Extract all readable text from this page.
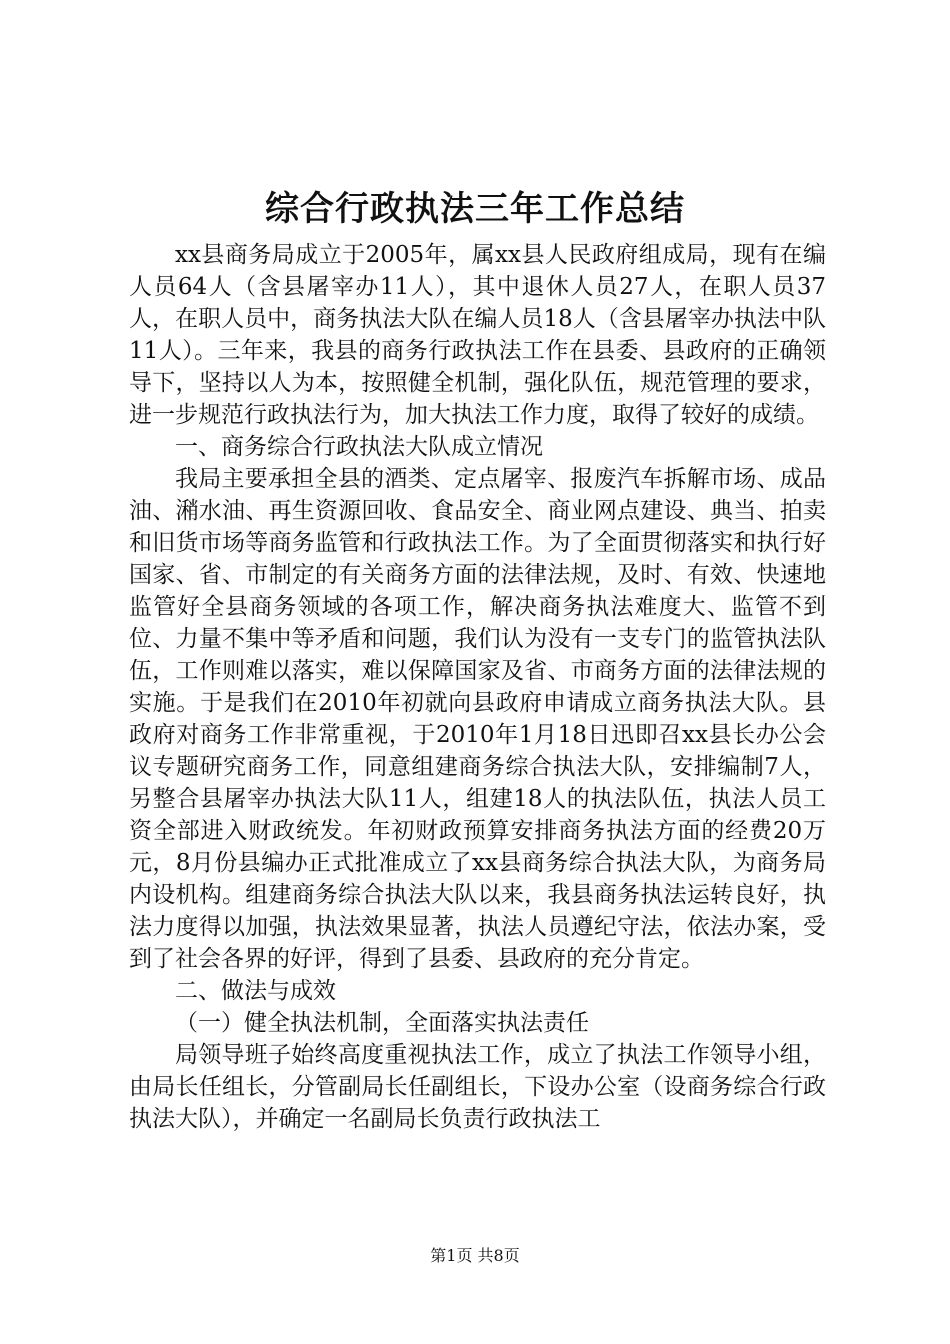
综合行政执法三年工作总结

xx县商务局成立于2005年，属xx县人民政府组成局，现有在编人员64人（含县屠宰办11人），其中退休人员27人，在职人员37人，在职人员中，商务执法大队在编人员18人（含县屠宰办执法中队11人）。三年来，我县的商务行政执法工作在县委、县政府的正确领导下，坚持以人为本，按照健全机制，强化队伍，规范管理的要求，进一步规范行政执法行为，加大执法工作力度，取得了较好的成绩。

一、商务综合行政执法大队成立情况

我局主要承担全县的酒类、定点屠宰、报废汽车拆解市场、成品油、潲水油、再生资源回收、食品安全、商业网点建设、典当、拍卖和旧货市场等商务监管和行政执法工作。为了全面贯彻落实和执行好国家、省、市制定的有关商务方面的法律法规，及时、有效、快速地监管好全县商务领域的各项工作，解决商务执法难度大、监管不到位、力量不集中等矛盾和问题，我们认为没有一支专门的监管执法队伍，工作则难以落实，难以保障国家及省、市商务方面的法律法规的实施。于是我们在2010年初就向县政府申请成立商务执法大队。县政府对商务工作非常重视，于2010年1月18日迅即召xx县长办公会议专题研究商务工作，同意组建商务综合执法大队，安排编制7人，另整合县屠宰办执法大队11人，组建18人的执法队伍，执法人员工资全部进入财政统发。年初财政预算安排商务执法方面的经费20万元，8月份县编办正式批准成立了xx县商务综合执法大队，为商务局内设机构。组建商务综合执法大队以来，我县商务执法运转良好，执法力度得以加强，执法效果显著，执法人员遵纪守法，依法办案，受到了社会各界的好评，得到了县委、县政府的充分肯定。

二、做法与成效

（一）健全执法机制，全面落实执法责任

局领导班子始终高度重视执法工作，成立了执法工作领导小组，由局长任组长，分管副局长任副组长，下设办公室（设商务综合行政执法大队），并确定一名副局长负责行政执法工

第1页 共8页
